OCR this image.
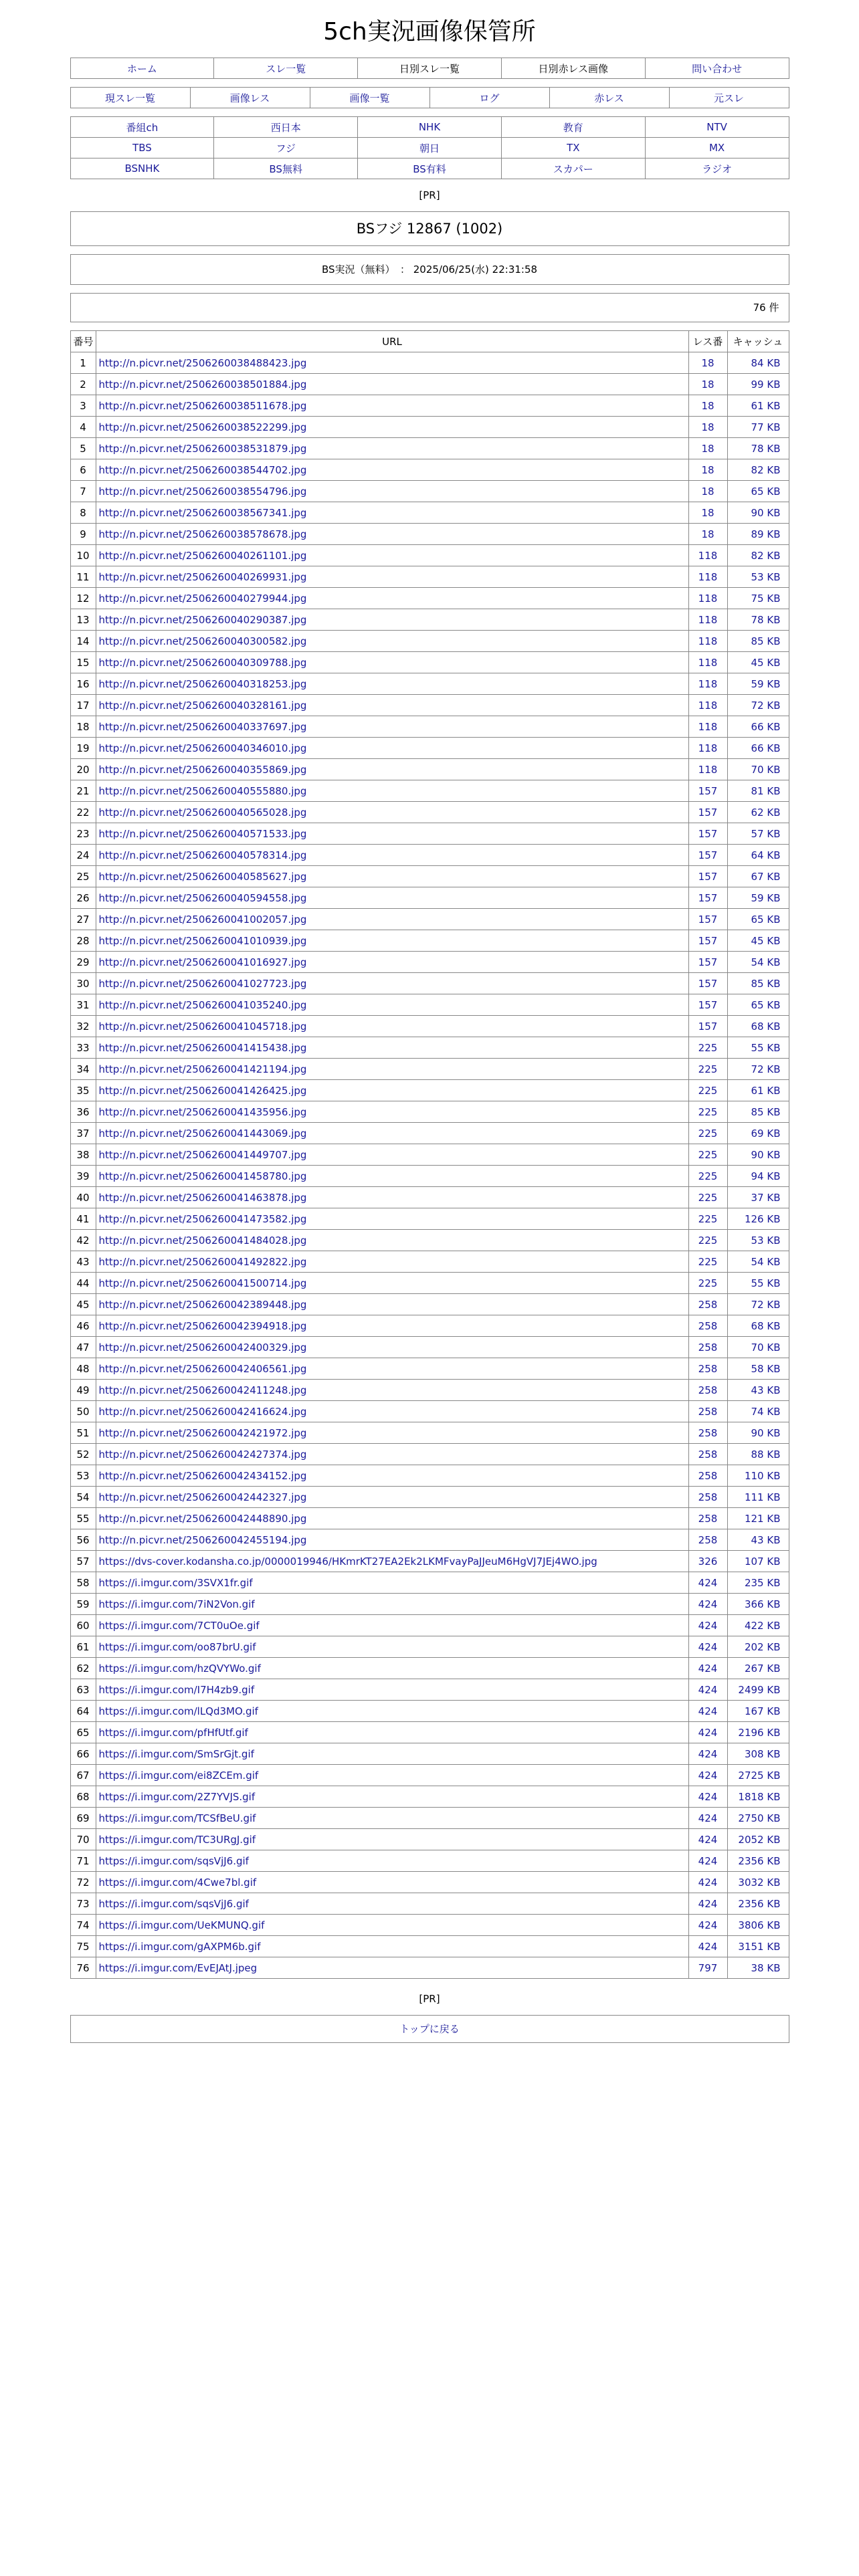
5ch実況画像保管所
ホーム	スレ一覧	日別スレ一覧	日別赤レス画像	問い合わせ
現スレ一覧	画像レス	画像一覧	ログ	赤レス	元スレ
番組ch	西日本	NHK	教育	NTV
TBS	フジ	朝日	TX	MX
BSNHK	BS無料	BS有料	スカパー	ラジオ
[PR]
BSフジ 12867 (1002)
BS実況（無料）　： 2025/06/25(水) 22:31:58
76 件
番号	URL	レス番	キャッシュ
1	http://n.picvr.net/2506260038488423.jpg	18	84 KB
2	http://n.picvr.net/2506260038501884.jpg	18	99 KB
3	http://n.picvr.net/2506260038511678.jpg	18	61 KB
4	http://n.picvr.net/2506260038522299.jpg	18	77 KB
5	http://n.picvr.net/2506260038531879.jpg	18	78 KB
6	http://n.picvr.net/2506260038544702.jpg	18	82 KB
7	http://n.picvr.net/2506260038554796.jpg	18	65 KB
8	http://n.picvr.net/2506260038567341.jpg	18	90 KB
9	http://n.picvr.net/2506260038578678.jpg	18	89 KB
10	http://n.picvr.net/2506260040261101.jpg	118	82 KB
11	http://n.picvr.net/2506260040269931.jpg	118	53 KB
12	http://n.picvr.net/2506260040279944.jpg	118	75 KB
13	http://n.picvr.net/2506260040290387.jpg	118	78 KB
14	http://n.picvr.net/2506260040300582.jpg	118	85 KB
15	http://n.picvr.net/2506260040309788.jpg	118	45 KB
16	http://n.picvr.net/2506260040318253.jpg	118	59 KB
17	http://n.picvr.net/2506260040328161.jpg	118	72 KB
18	http://n.picvr.net/2506260040337697.jpg	118	66 KB
19	http://n.picvr.net/2506260040346010.jpg	118	66 KB
20	http://n.picvr.net/2506260040355869.jpg	118	70 KB
21	http://n.picvr.net/2506260040555880.jpg	157	81 KB
22	http://n.picvr.net/2506260040565028.jpg	157	62 KB
23	http://n.picvr.net/2506260040571533.jpg	157	57 KB
24	http://n.picvr.net/2506260040578314.jpg	157	64 KB
25	http://n.picvr.net/2506260040585627.jpg	157	67 KB
26	http://n.picvr.net/2506260040594558.jpg	157	59 KB
27	http://n.picvr.net/2506260041002057.jpg	157	65 KB
28	http://n.picvr.net/2506260041010939.jpg	157	45 KB
29	http://n.picvr.net/2506260041016927.jpg	157	54 KB
30	http://n.picvr.net/2506260041027723.jpg	157	85 KB
31	http://n.picvr.net/2506260041035240.jpg	157	65 KB
32	http://n.picvr.net/2506260041045718.jpg	157	68 KB
33	http://n.picvr.net/2506260041415438.jpg	225	55 KB
34	http://n.picvr.net/2506260041421194.jpg	225	72 KB
35	http://n.picvr.net/2506260041426425.jpg	225	61 KB
36	http://n.picvr.net/2506260041435956.jpg	225	85 KB
37	http://n.picvr.net/2506260041443069.jpg	225	69 KB
38	http://n.picvr.net/2506260041449707.jpg	225	90 KB
39	http://n.picvr.net/2506260041458780.jpg	225	94 KB
40	http://n.picvr.net/2506260041463878.jpg	225	37 KB
41	http://n.picvr.net/2506260041473582.jpg	225	126 KB
42	http://n.picvr.net/2506260041484028.jpg	225	53 KB
43	http://n.picvr.net/2506260041492822.jpg	225	54 KB
44	http://n.picvr.net/2506260041500714.jpg	225	55 KB
45	http://n.picvr.net/2506260042389448.jpg	258	72 KB
46	http://n.picvr.net/2506260042394918.jpg	258	68 KB
47	http://n.picvr.net/2506260042400329.jpg	258	70 KB
48	http://n.picvr.net/2506260042406561.jpg	258	58 KB
49	http://n.picvr.net/2506260042411248.jpg	258	43 KB
50	http://n.picvr.net/2506260042416624.jpg	258	74 KB
51	http://n.picvr.net/2506260042421972.jpg	258	90 KB
52	http://n.picvr.net/2506260042427374.jpg	258	88 KB
53	http://n.picvr.net/2506260042434152.jpg	258	110 KB
54	http://n.picvr.net/2506260042442327.jpg	258	111 KB
55	http://n.picvr.net/2506260042448890.jpg	258	121 KB
56	http://n.picvr.net/2506260042455194.jpg	258	43 KB
57	https://dvs-cover.kodansha.co.jp/0000019946/HKmrKT27EA2Ek2LKMFvayPaJJeuM6HgVJ7JEj4WO.jpg	326	107 KB
58	https://i.imgur.com/3SVX1fr.gif	424	235 KB
59	https://i.imgur.com/7iN2Von.gif	424	366 KB
60	https://i.imgur.com/7CT0uOe.gif	424	422 KB
61	https://i.imgur.com/oo87brU.gif	424	202 KB
62	https://i.imgur.com/hzQVYWo.gif	424	267 KB
63	https://i.imgur.com/I7H4zb9.gif	424	2499 KB
64	https://i.imgur.com/lLQd3MO.gif	424	167 KB
65	https://i.imgur.com/pfHfUtf.gif	424	2196 KB
66	https://i.imgur.com/SmSrGjt.gif	424	308 KB
67	https://i.imgur.com/ei8ZCEm.gif	424	2725 KB
68	https://i.imgur.com/2Z7YVJS.gif	424	1818 KB
69	https://i.imgur.com/TCSfBeU.gif	424	2750 KB
70	https://i.imgur.com/TC3URgJ.gif	424	2052 KB
71	https://i.imgur.com/sqsVjJ6.gif	424	2356 KB
72	https://i.imgur.com/4Cwe7bl.gif	424	3032 KB
73	https://i.imgur.com/sqsVjJ6.gif	424	2356 KB
74	https://i.imgur.com/UeKMUNQ.gif	424	3806 KB
75	https://i.imgur.com/gAXPM6b.gif	424	3151 KB
76	https://i.imgur.com/EvEJAtJ.jpeg	797	38 KB
[PR]
トップに戻る
